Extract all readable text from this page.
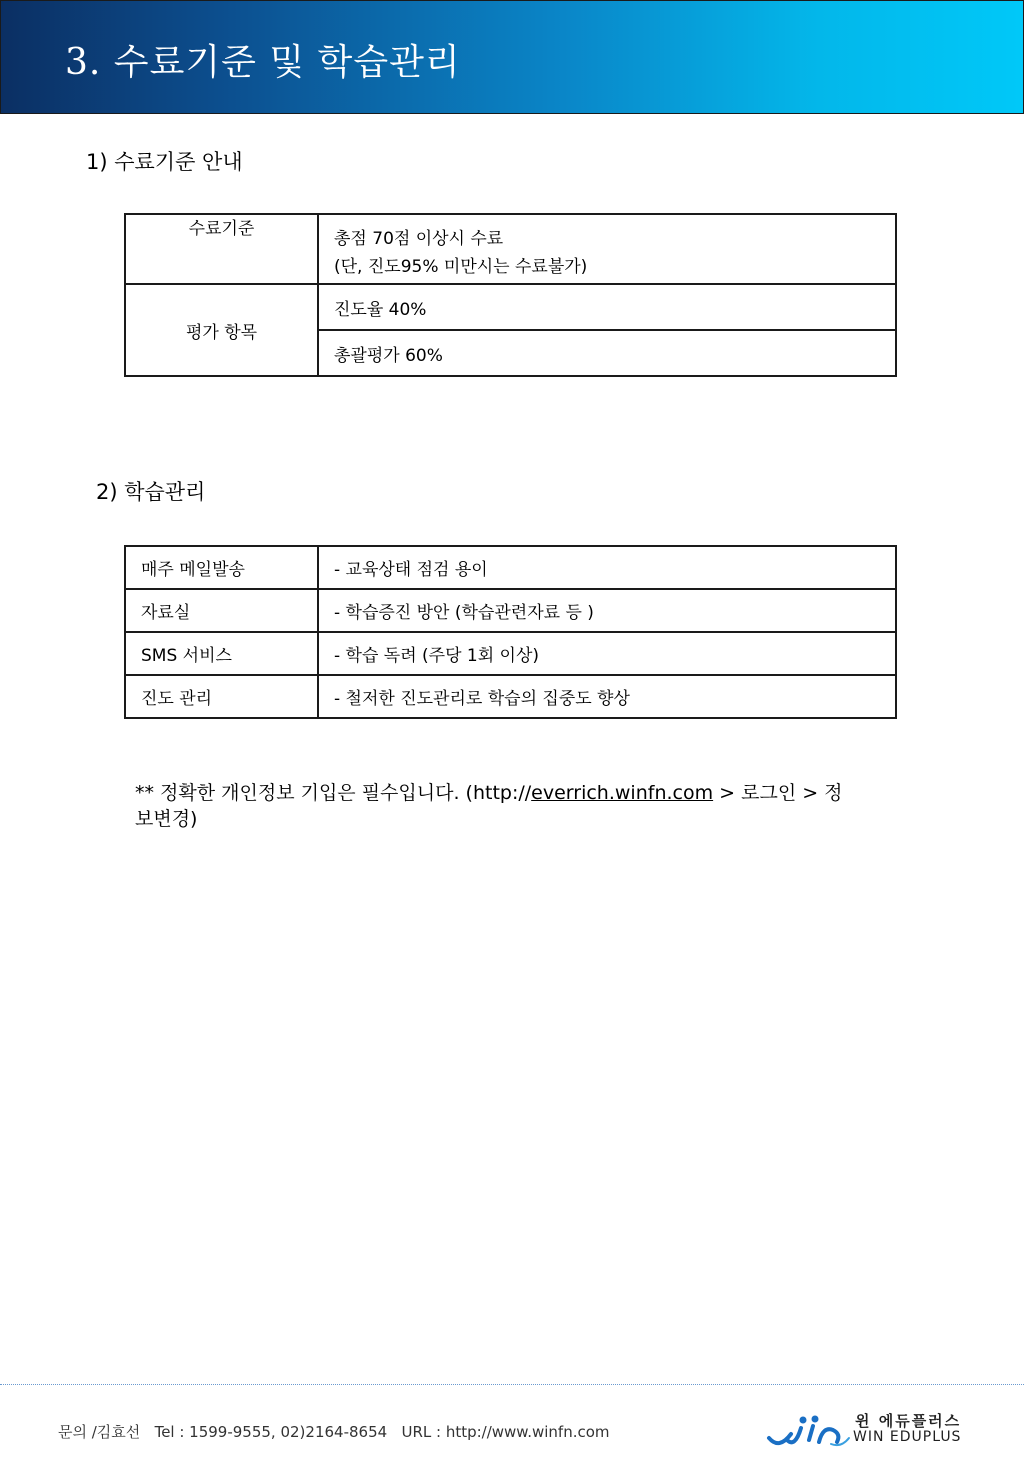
3. 수료기준 및 학습관리
1) 수료기준 안내
수료기준	총점 70점 이상시 수료
(단, 진도95% 미만시는 수료불가)

평가 항목	진도율 40%
	총괄평가 60%
2) 학습관리
매주 메일발송	- 교육상태 점검 용이
자료실	- 학습증진 방안 (학습관련자료 등 )
SMS 서비스	- 학습 독려 (주당 1회 이상)
진도 관리	- 철저한 진도관리로 학습의 집중도 향상
** 정확한 개인정보 기입은 필수입니다. (http://everrich.winfn.com > 로그인 > 정보변경)
문의 /김효선   Tel : 1599-9555, 02)2164-8654   URL : http://www.winfn.com
윈 에듀플러스
WIN EDUPLUS
